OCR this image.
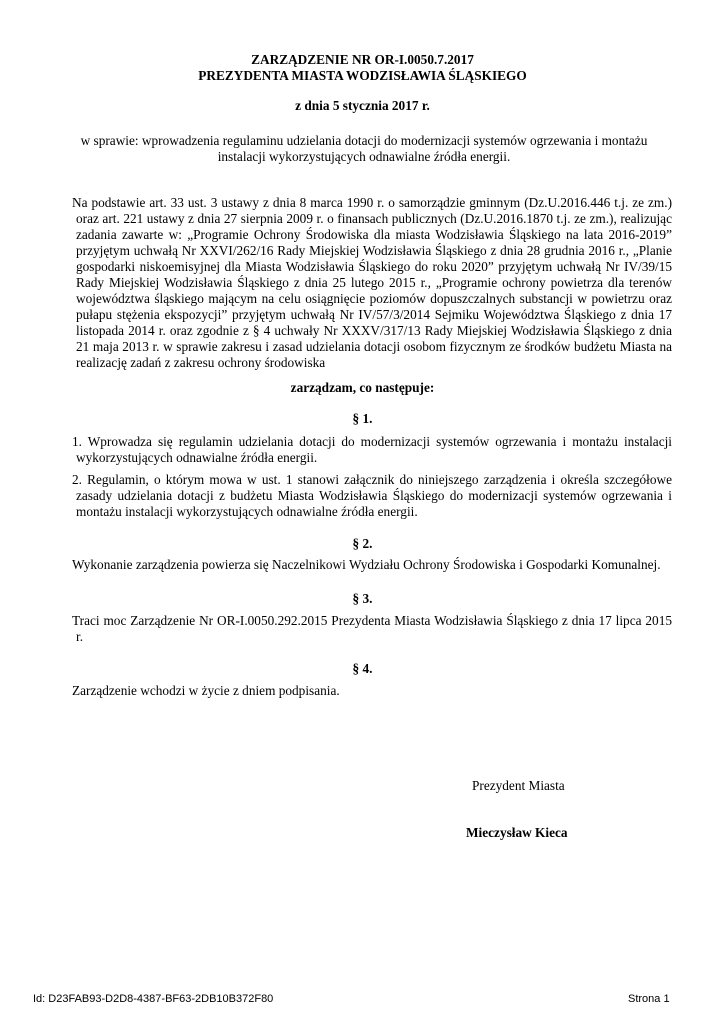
ZARZĄDZENIE NR OR-I.0050.7.2017
PREZYDENTA MIASTA WODZISŁAWIA ŚLĄSKIEGO
z dnia 5 stycznia 2017 r.
w sprawie: wprowadzenia regulaminu udzielania dotacji do modernizacji systemów ogrzewania i montażu instalacji wykorzystujących odnawialne źródła energii.
Na podstawie art. 33 ust. 3 ustawy z dnia 8 marca 1990 r. o samorządzie gminnym (Dz.U.2016.446 t.j. ze zm.) oraz art. 221 ustawy z dnia 27 sierpnia 2009 r. o finansach publicznych (Dz.U.2016.1870 t.j. ze zm.), realizując zadania zawarte w: „Programie Ochrony Środowiska dla miasta Wodzisławia Śląskiego na lata 2016-2019” przyjętym uchwałą Nr XXVI/262/16 Rady Miejskiej Wodzisławia Śląskiego z dnia 28 grudnia 2016 r., „Planie gospodarki niskoemisyjnej dla Miasta Wodzisławia Śląskiego do roku 2020” przyjętym uchwałą Nr IV/39/15 Rady Miejskiej Wodzisławia Śląskiego z dnia 25 lutego 2015 r., „Programie ochrony powietrza dla terenów województwa śląskiego mającym na celu osiągnięcie poziomów dopuszczalnych substancji w powietrzu oraz pułapu stężenia ekspozycji” przyjętym uchwałą Nr IV/57/3/2014 Sejmiku Województwa Śląskiego z dnia 17 listopada 2014 r. oraz zgodnie z § 4 uchwały Nr XXXV/317/13 Rady Miejskiej Wodzisławia Śląskiego z dnia 21 maja 2013 r. w sprawie zakresu i zasad udzielania dotacji osobom fizycznym ze środków budżetu Miasta na realizację zadań z zakresu ochrony środowiska
zarządzam, co następuje:
§ 1.

1. Wprowadza się regulamin udzielania dotacji do modernizacji systemów ogrzewania i montażu instalacji wykorzystujących odnawialne źródła energii.

2. Regulamin, o którym mowa w ust. 1 stanowi załącznik do niniejszego zarządzenia i określa szczegółowe zasady udzielania dotacji z budżetu Miasta Wodzisławia Śląskiego do modernizacji systemów ogrzewania i montażu instalacji wykorzystujących odnawialne źródła energii.

§ 2.

Wykonanie zarządzenia powierza się Naczelnikowi Wydziału Ochrony Środowiska i Gospodarki Komunalnej.

§ 3.

Traci moc Zarządzenie Nr OR-I.0050.292.2015 Prezydenta Miasta Wodzisławia Śląskiego z dnia 17 lipca 2015 r.

§ 4.

Zarządzenie wchodzi w życie z dniem podpisania.

Prezydent Miasta
Mieczysław Kieca
Id: D23FAB93-D2D8-4387-BF63-2DB10B372F80	Strona 1
